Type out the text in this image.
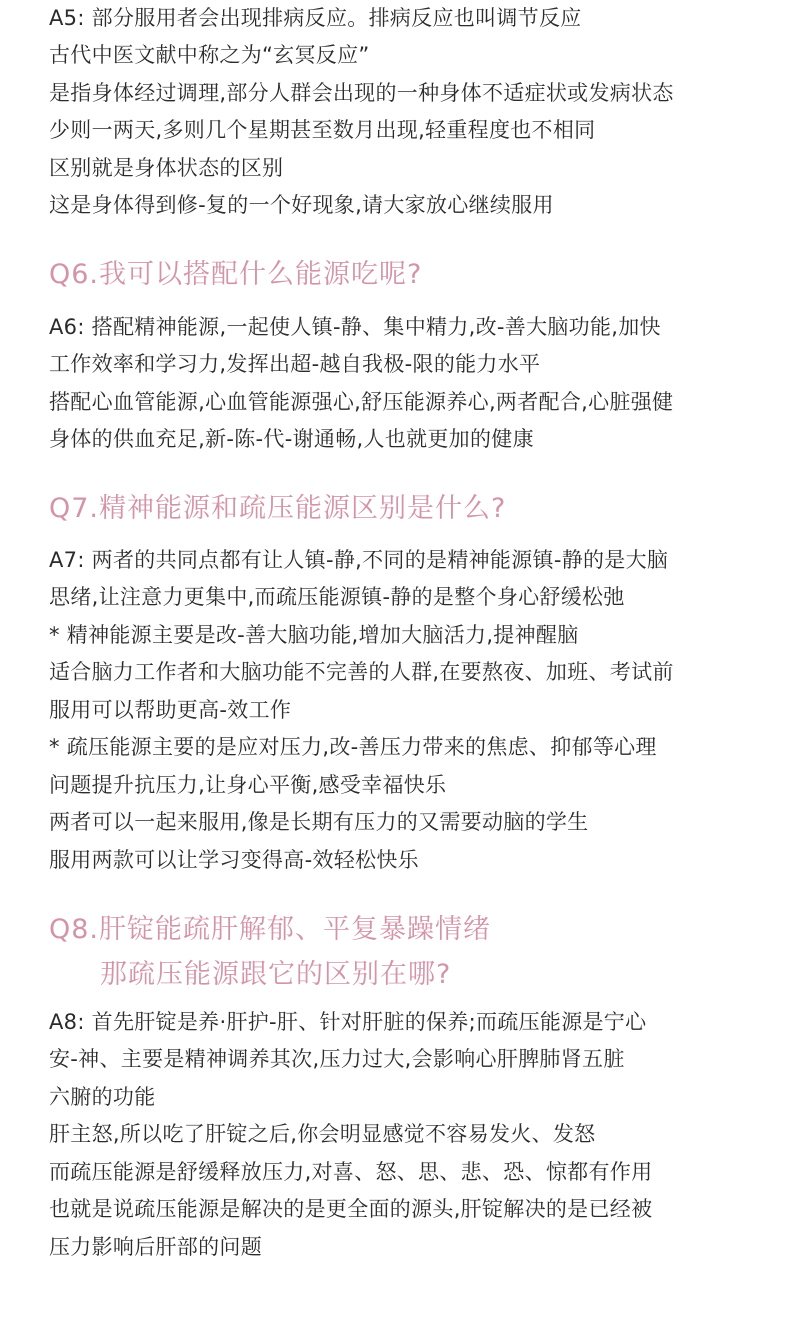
A5: 部分服用者会出现排病反应。排病反应也叫调节反应
古代中医文献中称之为“玄冥反应”
是指身体经过调理,部分人群会出现的一种身体不适症状或发病状态
少则一两天,多则几个星期甚至数月出现,轻重程度也不相同
区别就是身体状态的区别
这是身体得到修-复的一个好现象,请大家放心继续服用
Q6.我可以搭配什么能源吃呢?
A6: 搭配精神能源,一起使人镇-静、集中精力,改-善大脑功能,加快
工作效率和学习力,发挥出超-越自我极-限的能力水平
搭配心血管能源,心血管能源强心,舒压能源养心,两者配合,心脏强健
身体的供血充足,新-陈-代-谢通畅,人也就更加的健康
Q7.精神能源和疏压能源区别是什么?
A7: 两者的共同点都有让人镇-静,不同的是精神能源镇-静的是大脑
思绪,让注意力更集中,而疏压能源镇-静的是整个身心舒缓松弛
* 精神能源主要是改-善大脑功能,增加大脑活力,提神醒脑
适合脑力工作者和大脑功能不完善的人群,在要熬夜、加班、考试前
服用可以帮助更高-效工作
* 疏压能源主要的是应对压力,改-善压力带来的焦虑、抑郁等心理
问题提升抗压力,让身心平衡,感受幸福快乐
两者可以一起来服用,像是长期有压力的又需要动脑的学生
服用两款可以让学习变得高-效轻松快乐
Q8.肝锭能疏肝解郁、平复暴躁情绪
那疏压能源跟它的区别在哪?
A8: 首先肝锭是养·肝护-肝、针对肝脏的保养;而疏压能源是宁心
安-神、主要是精神调养其次,压力过大,会影响心肝脾肺肾五脏
六腑的功能
肝主怒,所以吃了肝锭之后,你会明显感觉不容易发火、发怒
而疏压能源是舒缓释放压力,对喜、怒、思、悲、恐、惊都有作用
也就是说疏压能源是解决的是更全面的源头,肝锭解决的是已经被
压力影响后肝部的问题
